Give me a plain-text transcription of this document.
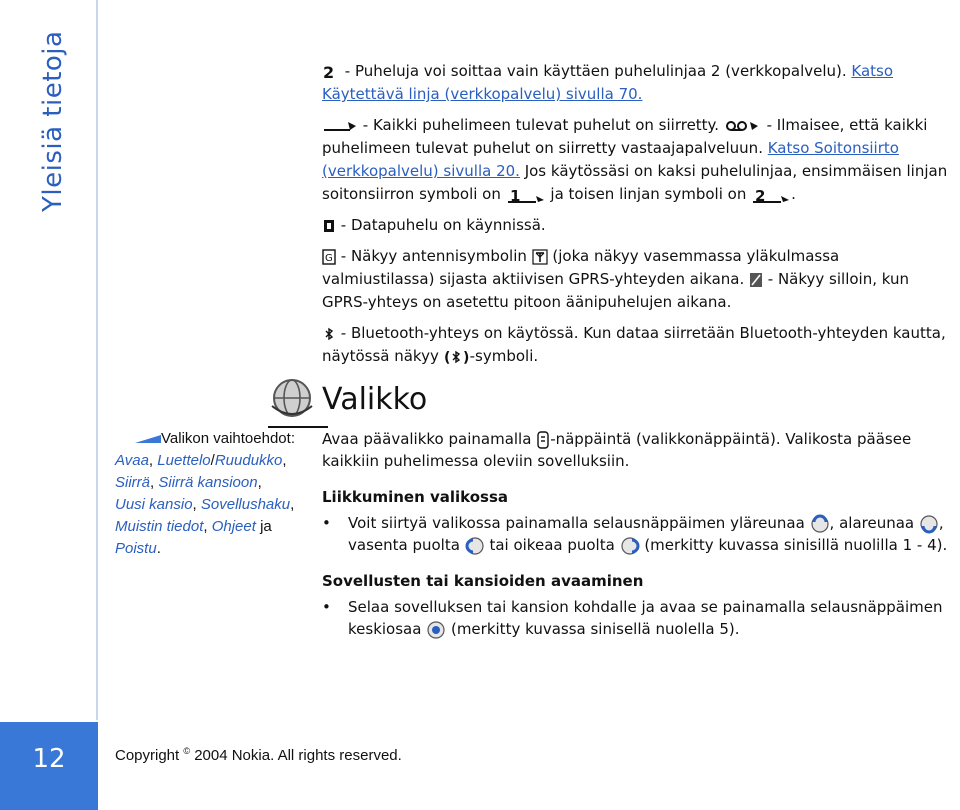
Yleisiä tietoja
12
2 - Puheluja voi soittaa vain käyttäen puhelulinjaa 2 (verkkopalvelu). Katso Käytettävä linja (verkkopalvelu) sivulla 70.
- Kaikki puhelimeen tulevat puhelut on siirretty.	- Ilmaisee, että kaikki puhelimeen tulevat puhelut on siirretty vastaajapalveluun. Katso Soitonsiirto (verkkopalvelu) sivulla 20. Jos käytössäsi on kaksi puhelulinjaa, ensimmäisen linjan soitonsiirron symboli on 1 ja toisen linjan symboli on 2 .
- Datapuhelu on käynnissä.
G - Näkyy antennisymbolin  (joka näkyy vasemmassa yläkulmassa valmiustilassa) sijasta aktiivisen GPRS-yhteyden aikana.  - Näkyy silloin, kun GPRS-yhteys on asetettu pitoon äänipuhelujen aikana.
- Bluetooth-yhteys on käytössä. Kun dataa siirretään Bluetooth-yhteyden kautta, näytössä näkyy ( ) -symboli.
Valikko
Avaa päävalikko painamalla -näppäintä (valikkonäppäintä). Valikosta pääsee kaikkiin puhelimessa oleviin sovelluksiin.
Liikkuminen valikossa
•	Voit siirtyä valikossa painamalla selausnäppäimen yläreunaa , alareunaa , vasenta puolta  tai oikeaa puolta  (merkitty kuvassa sinisillä nuolilla 1 - 4).
Sovellusten tai kansioiden avaaminen
•	Selaa sovelluksen tai kansion kohdalle ja avaa se painamalla selausnäppäimen keskiosaa  (merkitty kuvassa sinisellä nuolella 5).
Valikon vaihtoehdot: Avaa, Luettelo/Ruudukko, Siirrä, Siirrä kansioon, Uusi kansio, Sovellushaku, Muistin tiedot, Ohjeet ja Poistu.
Copyright © 2004 Nokia. All rights reserved.
